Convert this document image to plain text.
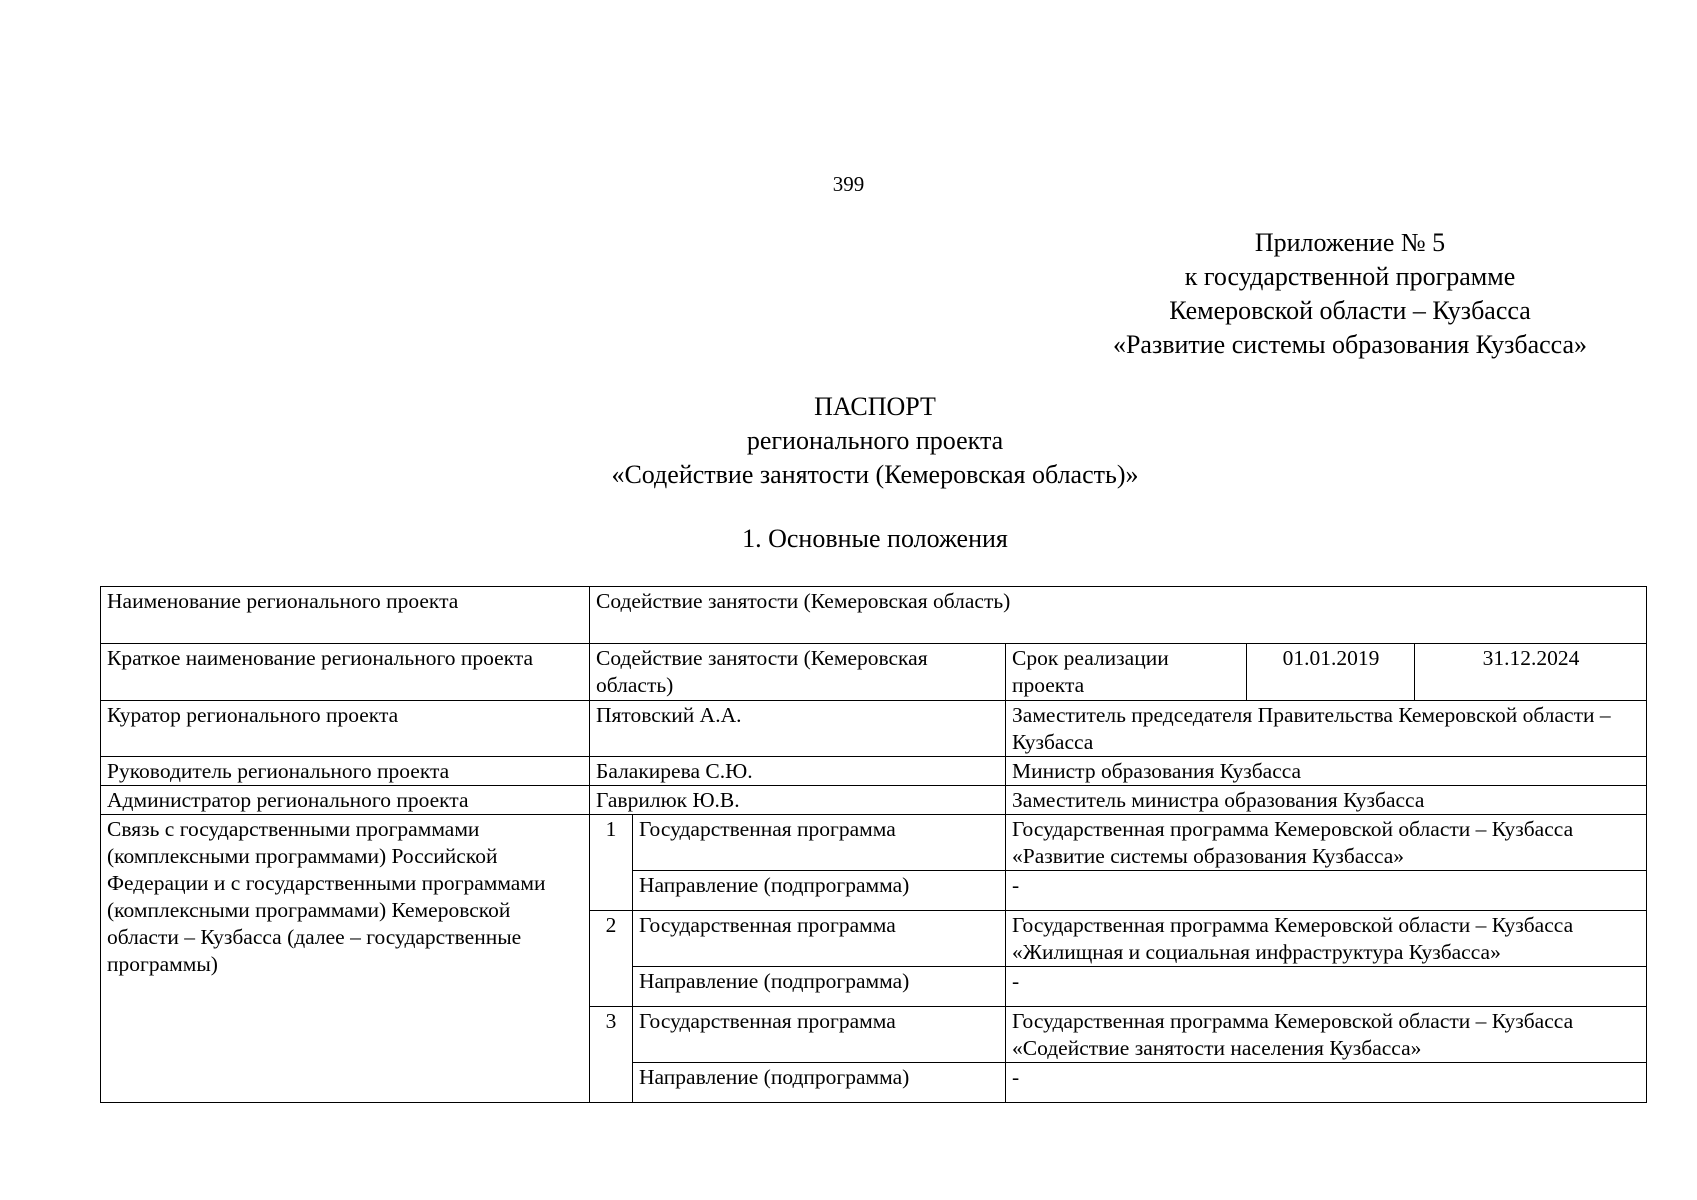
399
Приложение № 5
к государственной программе
Кемеровской области – Кузбасса
«Развитие системы образования Кузбасса»
ПАСПОРТ
регионального проекта
«Содействие занятости (Кемеровская область)»
1. Основные положения
Наименование регионального проекта	Содействие занятости (Кемеровская область)				
Краткое наименование регионального проекта	Содействие занятости (Кемеровская область)		Срок реализации проекта	01.01.2019	31.12.2024
Куратор регионального проекта	Пятовский А.А.		Заместитель председателя Правительства Кемеровской области – Кузбасса		
Руководитель регионального проекта	Балакирева С.Ю.		Министр образования Кузбасса		
Администратор регионального проекта	Гаврилюк Ю.В.		Заместитель министра образования Кузбасса		
Связь с государственными программами (комплексными программами) Российской Федерации и с государственными программами (комплексными программами) Кемеровской области – Кузбасса (далее – государственные программы)	1	Государственная программа	Государственная программа Кемеровской области – Кузбасса
«Развитие системы образования Кузбасса»		
		Направление (подпрограмма)	-		
	2	Государственная программа	Государственная программа Кемеровской области – Кузбасса
«Жилищная и социальная инфраструктура Кузбасса»		
		Направление (подпрограмма)	-		
	3	Государственная программа	Государственная программа Кемеровской области – Кузбасса
«Содействие занятости населения Кузбасса»		
		Направление (подпрограмма)	-		
